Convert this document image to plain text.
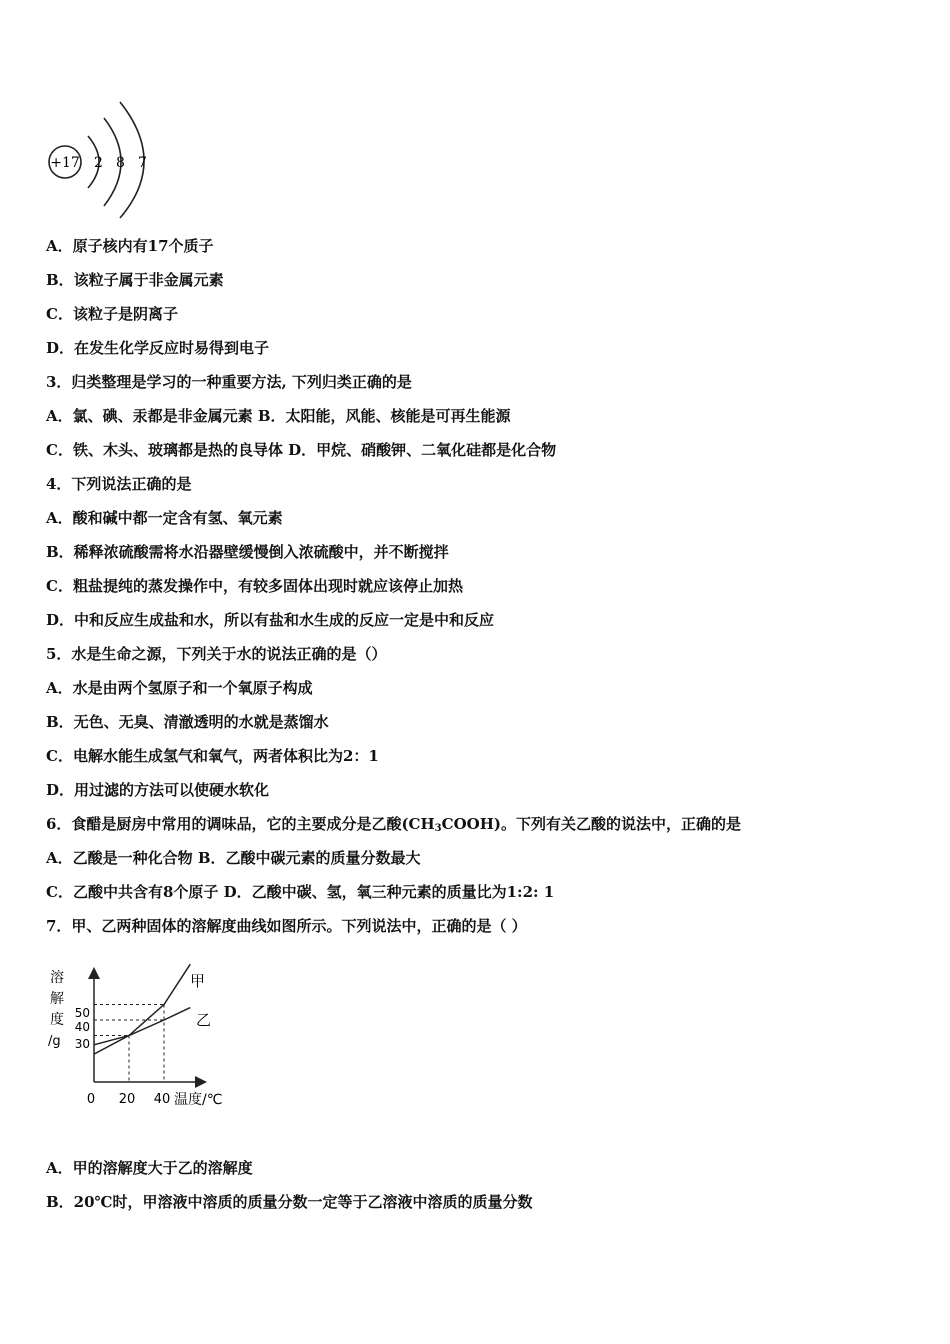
+17 2 8 7
A．原子核内有17个质子
B．该粒子属于非金属元素
C．该粒子是阴离子
D．在发生化学反应时易得到电子
3．归类整理是学习的一种重要方法, 下列归类正确的是
A．氯、碘、汞都是非金属元素 B．太阳能，风能、核能是可再生能源
C．铁、木头、玻璃都是热的良导体 D．甲烷、硝酸钾、二氧化硅都是化合物
4．下列说法正确的是
A．酸和碱中都一定含有氢、氧元素
B．稀释浓硫酸需将水沿器壁缓慢倒入浓硫酸中，并不断搅拌
C．粗盐提纯的蒸发操作中，有较多固体出现时就应该停止加热
D．中和反应生成盐和水，所以有盐和水生成的反应一定是中和反应
5．水是生命之源，下列关于水的说法正确的是（）
A．水是由两个氢原子和一个氧原子构成
B．无色、无臭、清澈透明的水就是蒸馏水
C．电解水能生成氢气和氧气，两者体积比为2：1
D．用过滤的方法可以使硬水软化
6．食醋是厨房中常用的调味品，它的主要成分是乙酸$(CH_3COOH)$。下列有关乙酸的说法中，正确的是
A．乙酸是一种化合物 B．乙酸中碳元素的质量分数最大
C．乙酸中共含有8个原子 D．乙酸中碳、氢，氧三种元素的质量比为1:2: 1
7．甲、乙两种固体的溶解度曲线如图所示。下列说法中，正确的是（ ）
溶
解
度
/g
温度/℃
0 20 40
30
40
50
甲
乙
A．甲的溶解度大于乙的溶解度
B．20℃时，甲溶液中溶质的质量分数一定等于乙溶液中溶质的质量分数
